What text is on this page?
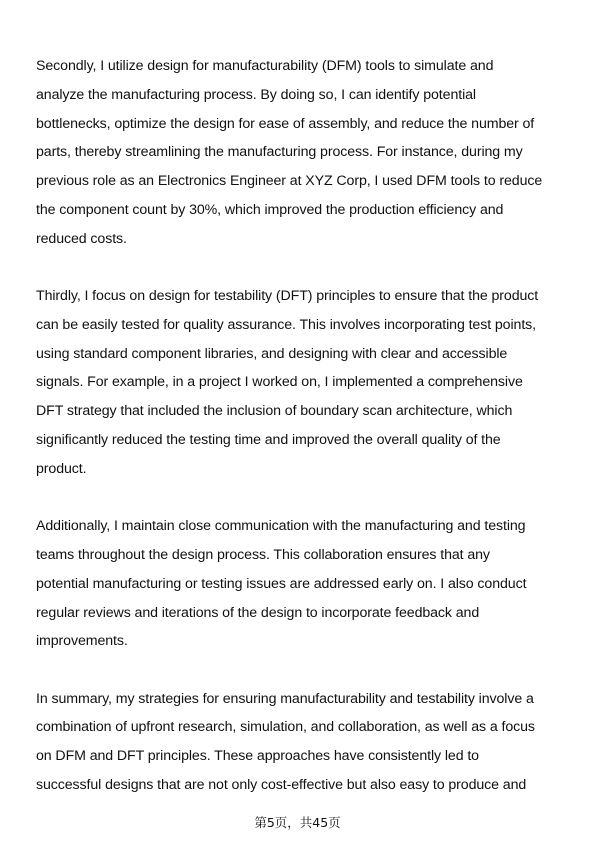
Secondly, I utilize design for manufacturability (DFM) tools to simulate and
analyze the manufacturing process. By doing so, I can identify potential
bottlenecks, optimize the design for ease of assembly, and reduce the number of
parts, thereby streamlining the manufacturing process. For instance, during my
previous role as an Electronics Engineer at XYZ Corp, I used DFM tools to reduce
the component count by 30%, which improved the production efficiency and
reduced costs.

Thirdly, I focus on design for testability (DFT) principles to ensure that the product
can be easily tested for quality assurance. This involves incorporating test points,
using standard component libraries, and designing with clear and accessible
signals. For example, in a project I worked on, I implemented a comprehensive
DFT strategy that included the inclusion of boundary scan architecture, which
significantly reduced the testing time and improved the overall quality of the
product.

Additionally, I maintain close communication with the manufacturing and testing
teams throughout the design process. This collaboration ensures that any
potential manufacturing or testing issues are addressed early on. I also conduct
regular reviews and iterations of the design to incorporate feedback and
improvements.

In summary, my strategies for ensuring manufacturability and testability involve a
combination of upfront research, simulation, and collaboration, as well as a focus
on DFM and DFT principles. These approaches have consistently led to
successful designs that are not only cost-effective but also easy to produce and

第5页，共45页
